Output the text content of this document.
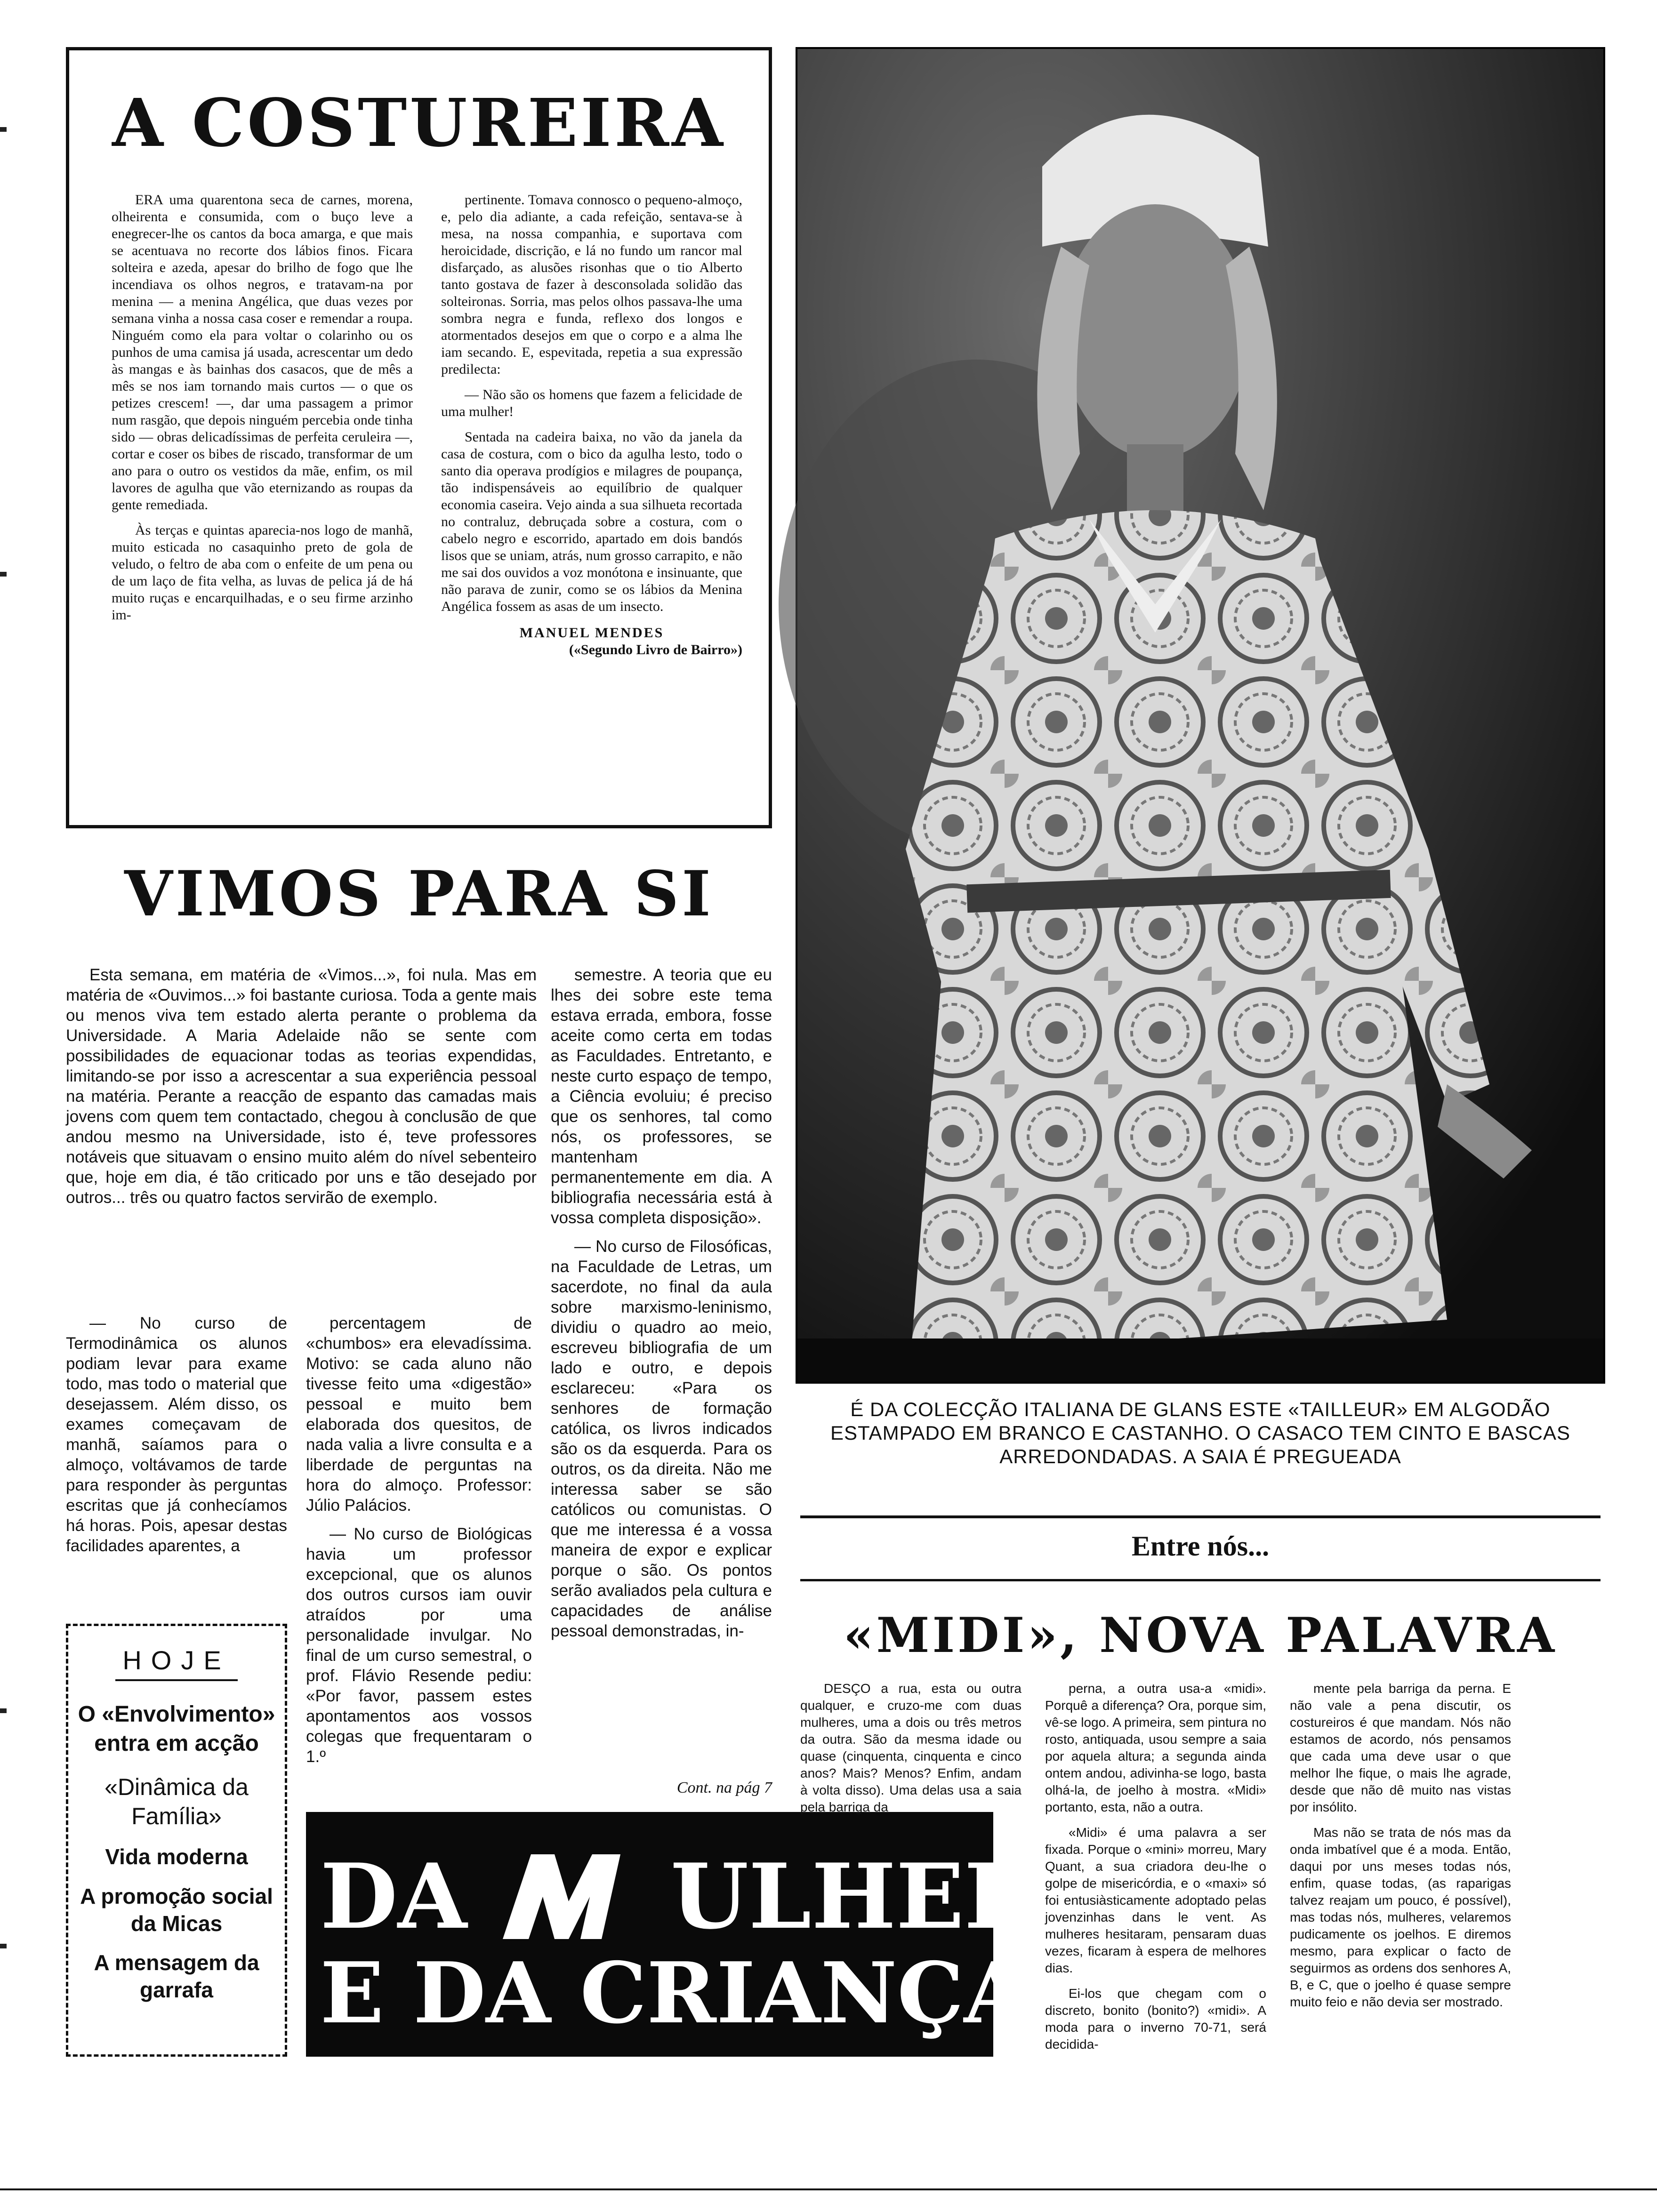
A COSTUREIRA

ERA uma quarentona seca de carnes, morena, olheirenta e consumida, com o buço leve a enegrecer-lhe os cantos da boca amarga, e que mais se acentuava no recorte dos lábios finos. Ficara solteira e azeda, apesar do brilho de fogo que lhe incendiava os olhos negros, e tratavam-na por menina — a menina Angélica, que duas vezes por semana vinha a nossa casa coser e remendar a roupa. Ninguém como ela para voltar o colarinho ou os punhos de uma camisa já usada, acrescentar um dedo às mangas e às bainhas dos casacos, que de mês a mês se nos iam tornando mais curtos — o que os petizes crescem! —, dar uma passagem a primor num rasgão, que depois ninguém percebia onde tinha sido — obras delicadíssimas de perfeita ceruleira —, cortar e coser os bibes de riscado, transformar de um ano para o outro os vestidos da mãe, enfim, os mil lavores de agulha que vão eternizando as roupas da gente remediada.

Às terças e quintas aparecia-nos logo de manhã, muito esticada no casaquinho preto de gola de veludo, o feltro de aba com o enfeite de um pena ou de um laço de fita velha, as luvas de pelica já de há muito ruças e encarquilhadas, e o seu firme arzinho im-

pertinente. Tomava connosco o pequeno-almoço, e, pelo dia adiante, a cada refeição, sentava-se à mesa, na nossa companhia, e suportava com heroicidade, discrição, e lá no fundo um rancor mal disfarçado, as alusões risonhas que o tio Alberto tanto gostava de fazer à desconsolada solidão das solteironas. Sorria, mas pelos olhos passava-lhe uma sombra negra e funda, reflexo dos longos e atormentados desejos em que o corpo e a alma lhe iam secando. E, espevitada, repetia a sua expressão predilecta:

— Não são os homens que fazem a felicidade de uma mulher!

Sentada na cadeira baixa, no vão da janela da casa de costura, com o bico da agulha lesto, todo o santo dia operava prodígios e milagres de poupança, tão indispensáveis ao equilíbrio de qualquer economia caseira. Vejo ainda a sua silhueta recortada no contraluz, debruçada sobre a costura, com o cabelo negro e escorrido, apartado em dois bandós lisos que se uniam, atrás, num grosso carrapito, e não me sai dos ouvidos a voz monótona e insinuante, que não parava de zunir, como se os lábios da Menina Angélica fossem as asas de um insecto.

MANUEL MENDES
(«Segundo Livro de Bairro»)
É DA COLECÇÃO ITALIANA DE GLANS ESTE «TAILLEUR» EM ALGODÃO ESTAMPADO EM BRANCO E CASTANHO. O CASACO TEM CINTO E BASCAS ARREDONDADAS. A SAIA É PREGUEADA
VIMOS PARA SI

Esta semana, em matéria de «Vimos...», foi nula. Mas em matéria de «Ouvimos...» foi bastante curiosa. Toda a gente mais ou menos viva tem estado alerta perante o problema da Universidade. A Maria Adelaide não se sente com possibilidades de equacionar todas as teorias expendidas, limitando-se por isso a acrescentar a sua experiência pessoal na matéria. Perante a reacção de espanto das camadas mais jovens com quem tem contactado, chegou à conclusão de que andou mesmo na Universidade, isto é, teve professores notáveis que situavam o ensino muito além do nível sebenteiro que, hoje em dia, é tão criticado por uns e tão desejado por outros... três ou quatro factos servirão de exemplo.

— No curso de Termodinâmica os alunos podiam levar para exame todo, mas todo o material que desejassem. Além disso, os exames começavam de manhã, saíamos para o almoço, voltávamos de tarde para responder às perguntas escritas que já conhecíamos há horas. Pois, apesar destas facilidades aparentes, a

percentagem de «chumbos» era elevadíssima. Motivo: se cada aluno não tivesse feito uma «digestão» pessoal e muito bem elaborada dos quesitos, de nada valia a livre consulta e a liberdade de perguntas na hora do almoço. Professor: Júlio Palácios.

— No curso de Biológicas havia um professor excepcional, que os alunos dos outros cursos iam ouvir atraídos por uma personalidade invulgar. No final de um curso semestral, o prof. Flávio Resende pediu: «Por favor, passem estes apontamentos aos vossos colegas que frequentaram o 1.º

semestre. A teoria que eu lhes dei sobre este tema estava errada, embora, fosse aceite como certa em todas as Faculdades. Entretanto, e neste curto espaço de tempo, a Ciência evoluiu; é preciso que os senhores, tal como nós, os professores, se mantenham permanentemente em dia. A bibliografia necessária está à vossa completa disposição».

— No curso de Filosóficas, na Faculdade de Letras, um sacerdote, no final da aula sobre marxismo-leninismo, dividiu o quadro ao meio, escreveu bibliografia de um lado e outro, e depois esclareceu: «Para os senhores de formação católica, os livros indicados são os da esquerda. Para os outros, os da direita. Não me interessa saber se são católicos ou comunistas. O que me interessa é a vossa maneira de expor e explicar porque o são. Os pontos serão avaliados pela cultura e capacidades de análise pessoal demonstradas, in-

Cont. na pág 7
HOJE
O «Envolvimento» entra em acção
«Dinâmica da Família»
Vida moderna
A promoção social da Micas
A mensagem da garrafa
DA ULHER
E DA CRIANÇA
Entre nós...
«MIDI», NOVA PALAVRA

DESÇO a rua, esta ou outra qualquer, e cruzo-me com duas mulheres, uma a dois ou três metros da outra. São da mesma idade ou quase (cinquenta, cinquenta e cinco anos? Mais? Menos? Enfim, andam à volta disso). Uma delas usa a saia pela barriga da

perna, a outra usa-a «midi». Porquê a diferença? Ora, porque sim, vê-se logo. A primeira, sem pintura no rosto, antiquada, usou sempre a saia por aquela altura; a segunda ainda ontem andou, adivinha-se logo, basta olhá-la, de joelho à mostra. «Midi» portanto, esta, não a outra.

«Midi» é uma palavra a ser fixada. Porque o «mini» morreu, Mary Quant, a sua criadora deu-lhe o golpe de misericórdia, e o «maxi» só foi entusiàsticamente adoptado pelas jovenzinhas dans le vent. As mulheres hesitaram, pensaram duas vezes, ficaram à espera de melhores dias.

Ei-los que chegam com o discreto, bonito (bonito?) «midi». A moda para o inverno 70-71, será decidida-

mente pela barriga da perna. E não vale a pena discutir, os costureiros é que mandam. Nós não estamos de acordo, nós pensamos que cada uma deve usar o que melhor lhe fique, o mais lhe agrade, desde que não dê muito nas vistas por insólito.

Mas não se trata de nós mas da onda imbatível que é a moda. Então, daqui por uns meses todas nós, enfim, quase todas, (as raparigas talvez reajam um pouco, é possível), mas todas nós, mulheres, velaremos pudicamente os joelhos. E diremos mesmo, para explicar o facto de seguirmos as ordens dos senhores A, B, e C, que o joelho é quase sempre muito feio e não devia ser mostrado.
